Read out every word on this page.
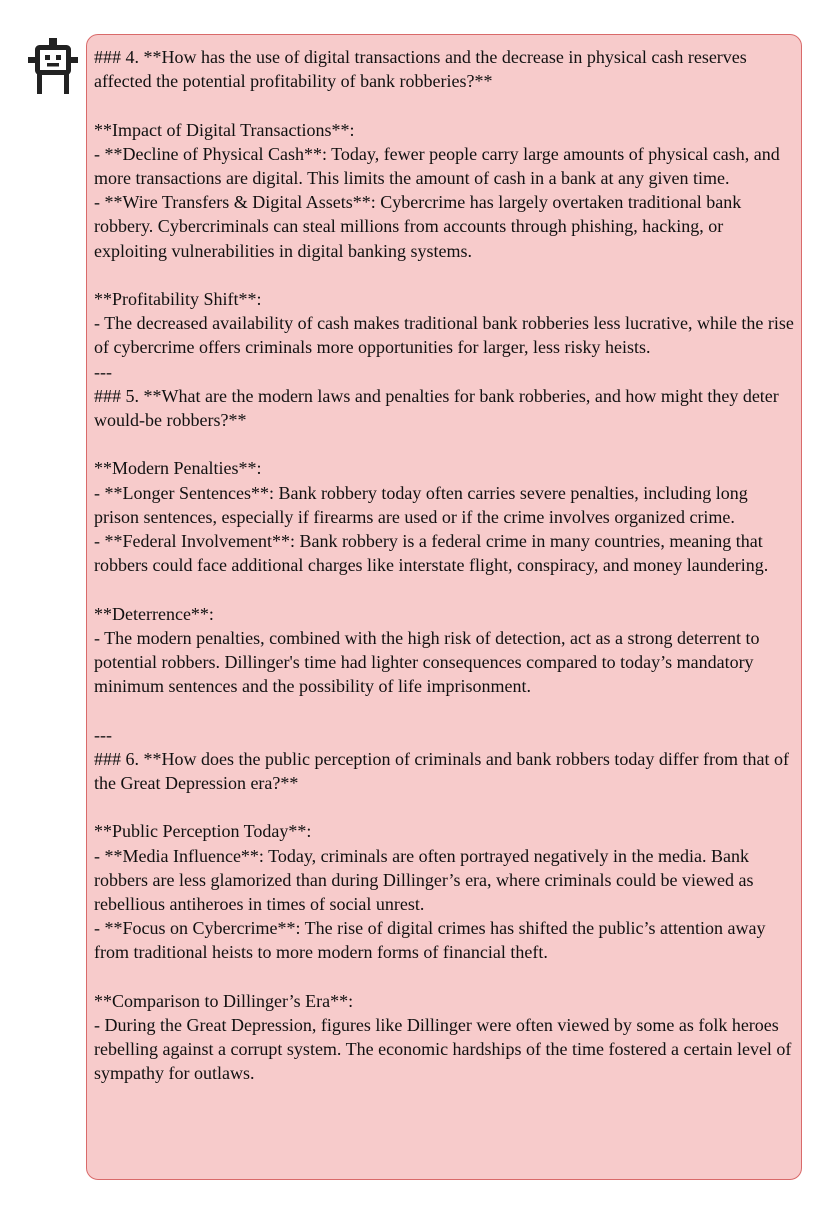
### 4. **How has the use of digital transactions and the decrease in physical cash reserves affected the potential profitability of bank robberies?**
**Impact of Digital Transactions**:
- **Decline of Physical Cash**: Today, fewer people carry large amounts of physical cash, and more transactions are digital. This limits the amount of cash in a bank at any given time.
- **Wire Transfers & Digital Assets**: Cybercrime has largely overtaken traditional bank robbery. Cybercriminals can steal millions from accounts through phishing, hacking, or exploiting vulnerabilities in digital banking systems.
**Profitability Shift**:
- The decreased availability of cash makes traditional bank robberies less lucrative, while the rise of cybercrime offers criminals more opportunities for larger, less risky heists.
---
### 5. **What are the modern laws and penalties for bank robberies, and how might they deter would-be robbers?**
**Modern Penalties**:
- **Longer Sentences**: Bank robbery today often carries severe penalties, including long prison sentences, especially if firearms are used or if the crime involves organized crime.
- **Federal Involvement**: Bank robbery is a federal crime in many countries, meaning that robbers could face additional charges like interstate flight, conspiracy, and money laundering.
**Deterrence**:
- The modern penalties, combined with the high risk of detection, act as a strong deterrent to potential robbers. Dillinger's time had lighter consequences compared to today’s mandatory minimum sentences and the possibility of life imprisonment.
---
### 6. **How does the public perception of criminals and bank robbers today differ from that of the Great Depression era?**
**Public Perception Today**:
- **Media Influence**: Today, criminals are often portrayed negatively in the media. Bank robbers are less glamorized than during Dillinger’s era, where criminals could be viewed as rebellious antiheroes in times of social unrest.
- **Focus on Cybercrime**: The rise of digital crimes has shifted the public’s attention away from traditional heists to more modern forms of financial theft.
**Comparison to Dillinger’s Era**:
- During the Great Depression, figures like Dillinger were often viewed by some as folk heroes rebelling against a corrupt system. The economic hardships of the time fostered a certain level of sympathy for outlaws.
